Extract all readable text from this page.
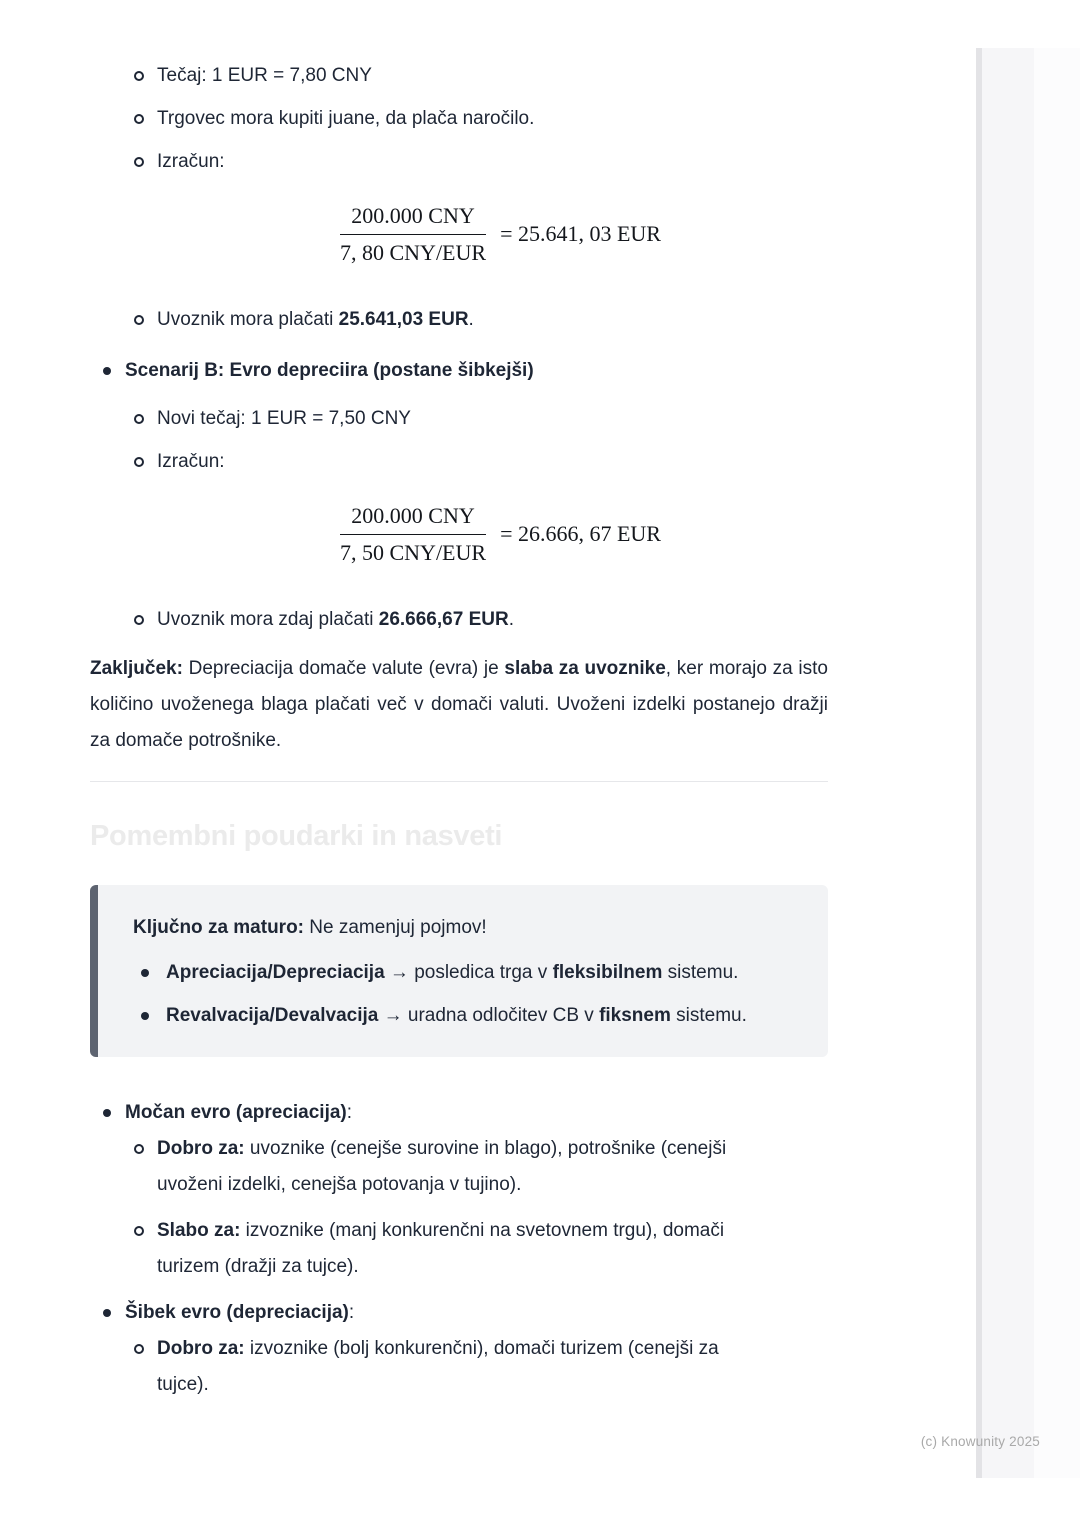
Tečaj: 1 EUR = 7,80 CNY
Trgovec mora kupiti juane, da plača naročilo.
Izračun:
$\frac{\text{200.000 CNY}}{\text{7, 80 CNY/EUR}} = 25.641$, 03 EUR
Uvoznik mora plačati 25.641,03 EUR.
Scenarij B: Evro depreciira (postane šibkejši)
Novi tečaj: 1 EUR = 7,50 CNY
Izračun:
$\frac{\text{200.000 CNY}}{\text{7, 50 CNY/EUR}} = 26.666$, 67 EUR
Uvoznik mora zdaj plačati 26.666,67 EUR.

Zaključek: Depreciacija domače valute (evra) je slaba za uvoznike, ker morajo za isto količino uvoženega blaga plačati več v domači valuti. Uvoženi izdelki postanejo dražji za domače potrošnike.

Pomembni poudarki in nasveti

Ključno za maturo: Ne zamenjuj pojmov!

Apreciacija/Depreciacija → posledica trga v fleksibilnem sistemu.
Revalvacija/Devalvacija → uradna odločitev CB v fiksnem sistemu.
Močan evro (apreciacija):
Dobro za: uvoznike (cenejše surovine in blago), potrošnike (cenejši uvoženi izdelki, cenejša potovanja v tujino).
Slabo za: izvoznike (manj konkurenčni na svetovnem trgu), domači turizem (dražji za tujce).
Šibek evro (depreciacija):
Dobro za: izvoznike (bolj konkurenčni), domači turizem (cenejši za tujce).
(c) Knowunity 2025
